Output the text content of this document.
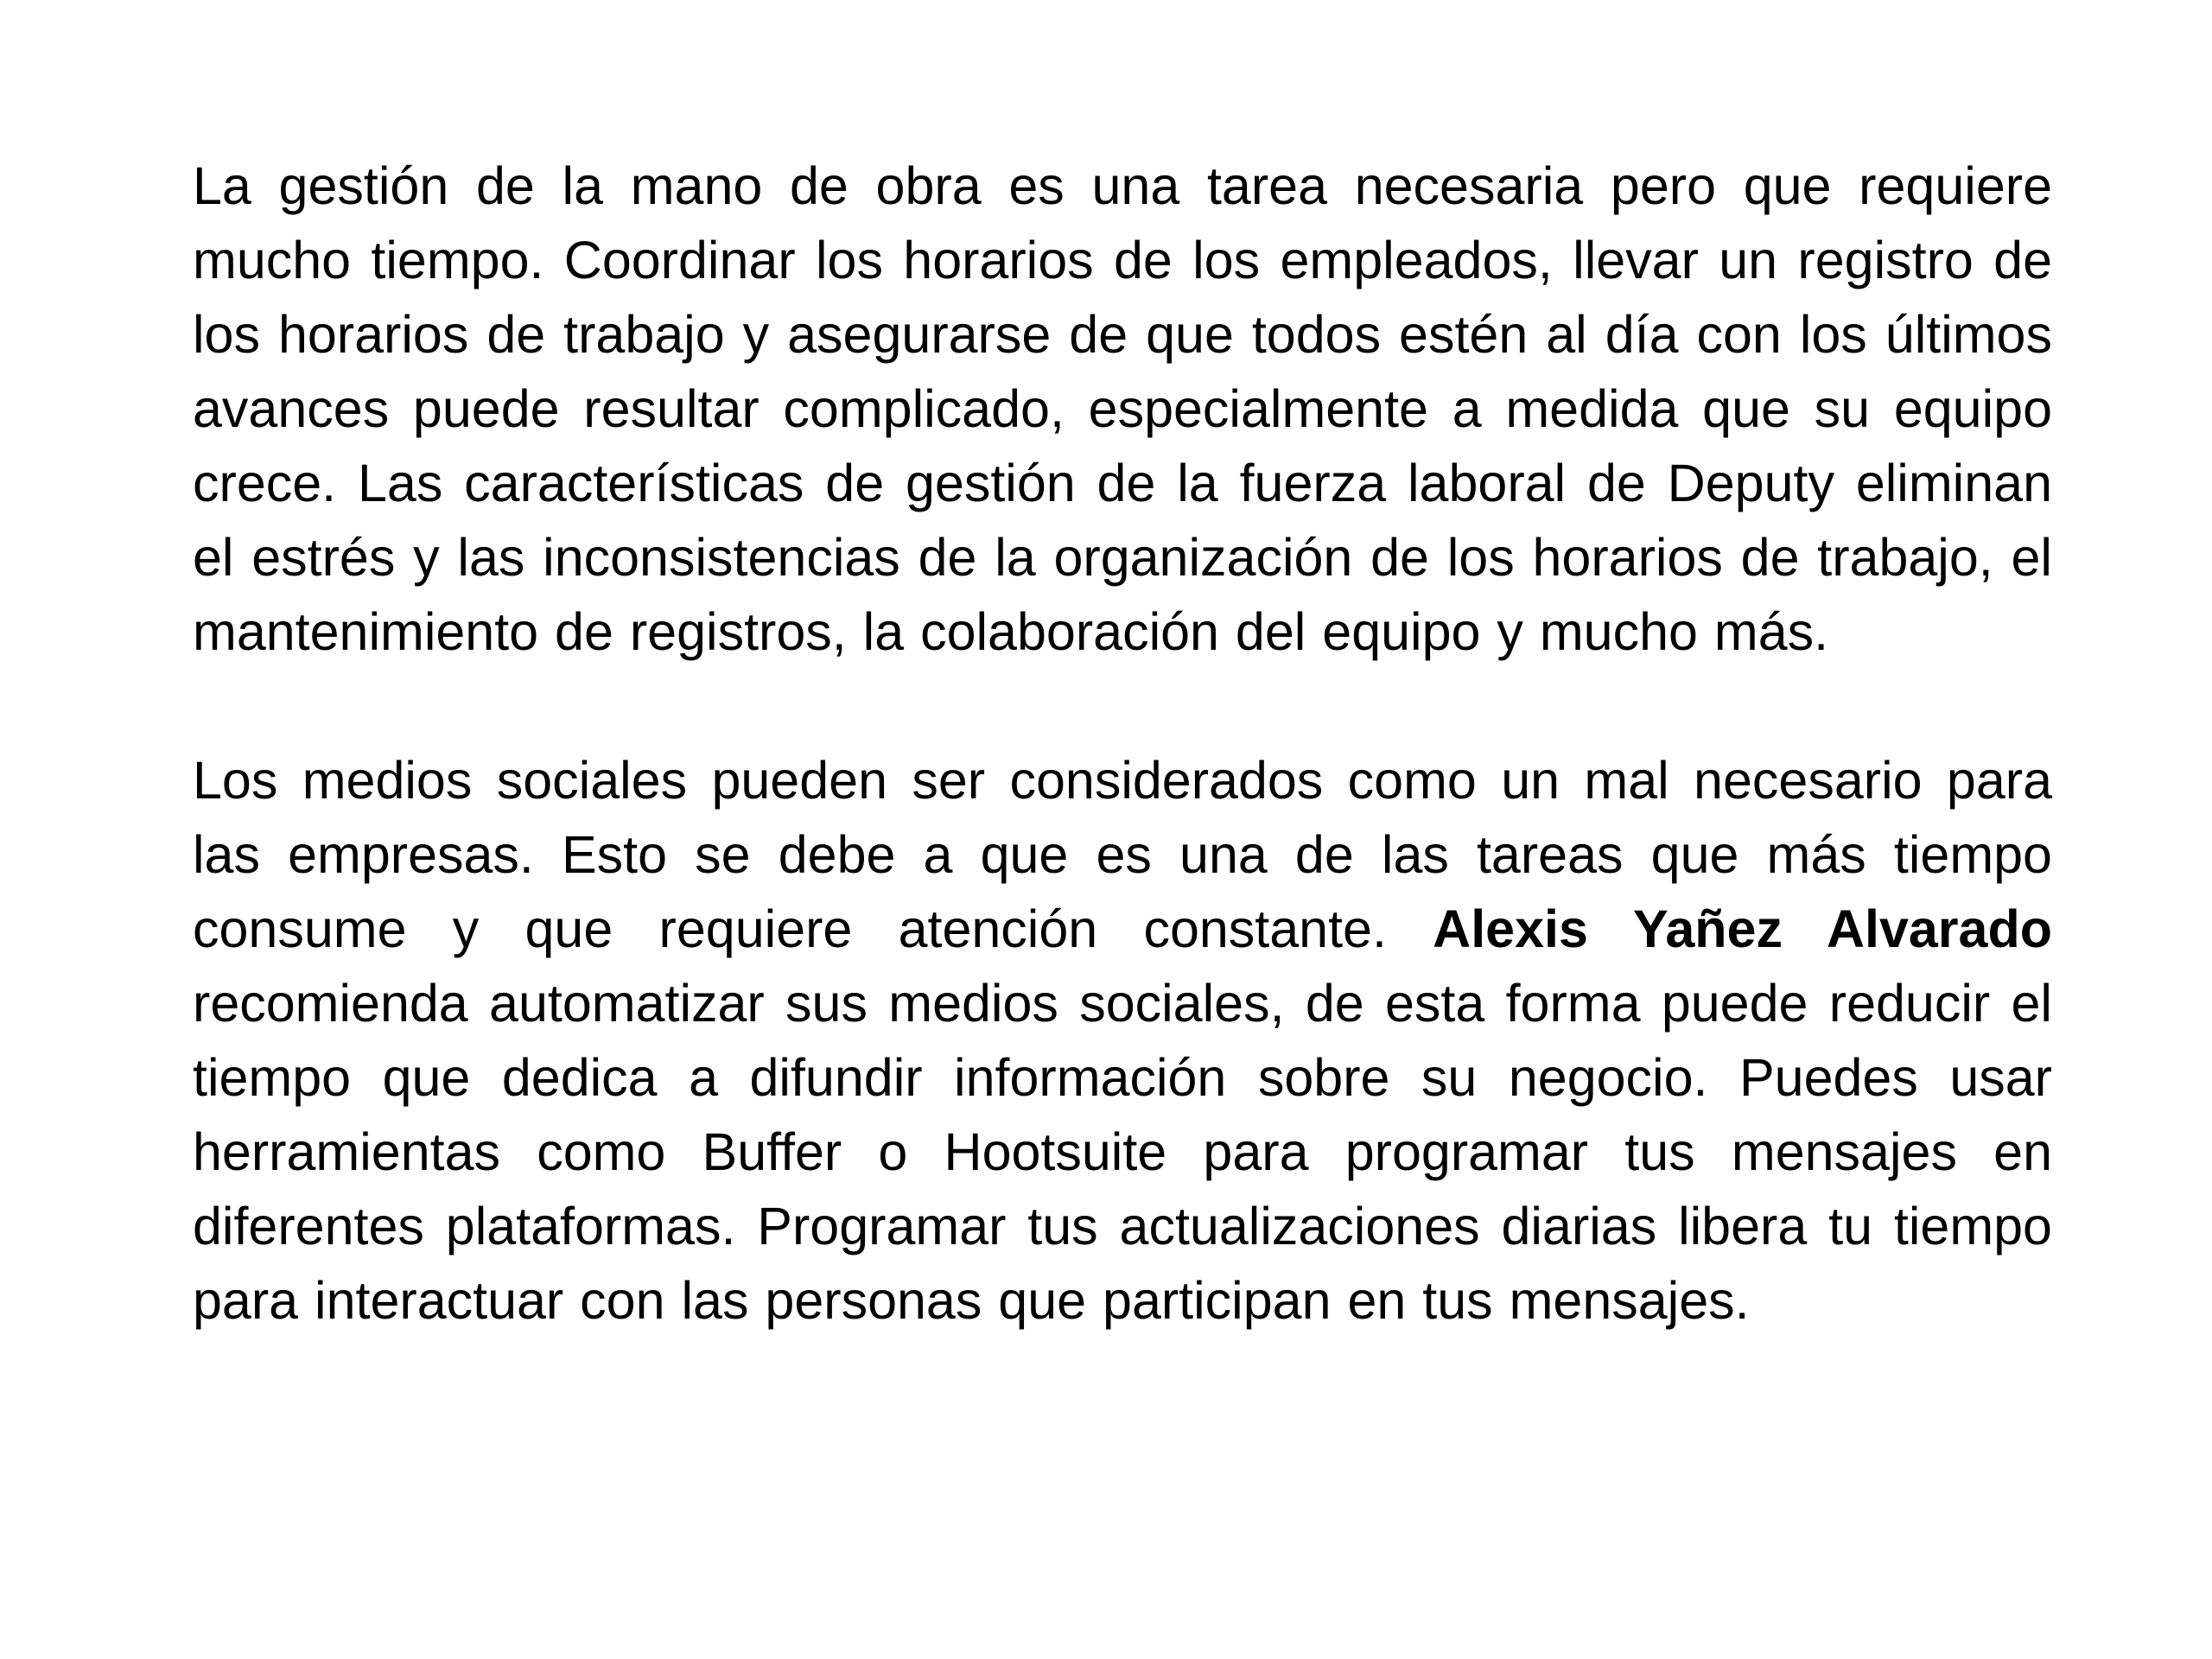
La gestión de la mano de obra es una tarea necesaria pero que requiere mucho tiempo. Coordinar los horarios de los empleados, llevar un registro de los horarios de trabajo y asegurarse de que todos estén al día con los últimos avances puede resultar complicado, especialmente a medida que su equipo crece. Las características de gestión de la fuerza laboral de Deputy eliminan el estrés y las inconsistencias de la organización de los horarios de trabajo, el mantenimiento de registros, la colaboración del equipo y mucho más.

Los medios sociales pueden ser considerados como un mal necesario para las empresas. Esto se debe a que es una de las tareas que más tiempo consume y que requiere atención constante. Alexis Yañez Alvarado recomienda automatizar sus medios sociales, de esta forma puede reducir el tiempo que dedica a difundir información sobre su negocio. Puedes usar herramientas como Buffer o Hootsuite para programar tus mensajes en diferentes plataformas. Programar tus actualizaciones diarias libera tu tiempo para interactuar con las personas que participan en tus mensajes.
